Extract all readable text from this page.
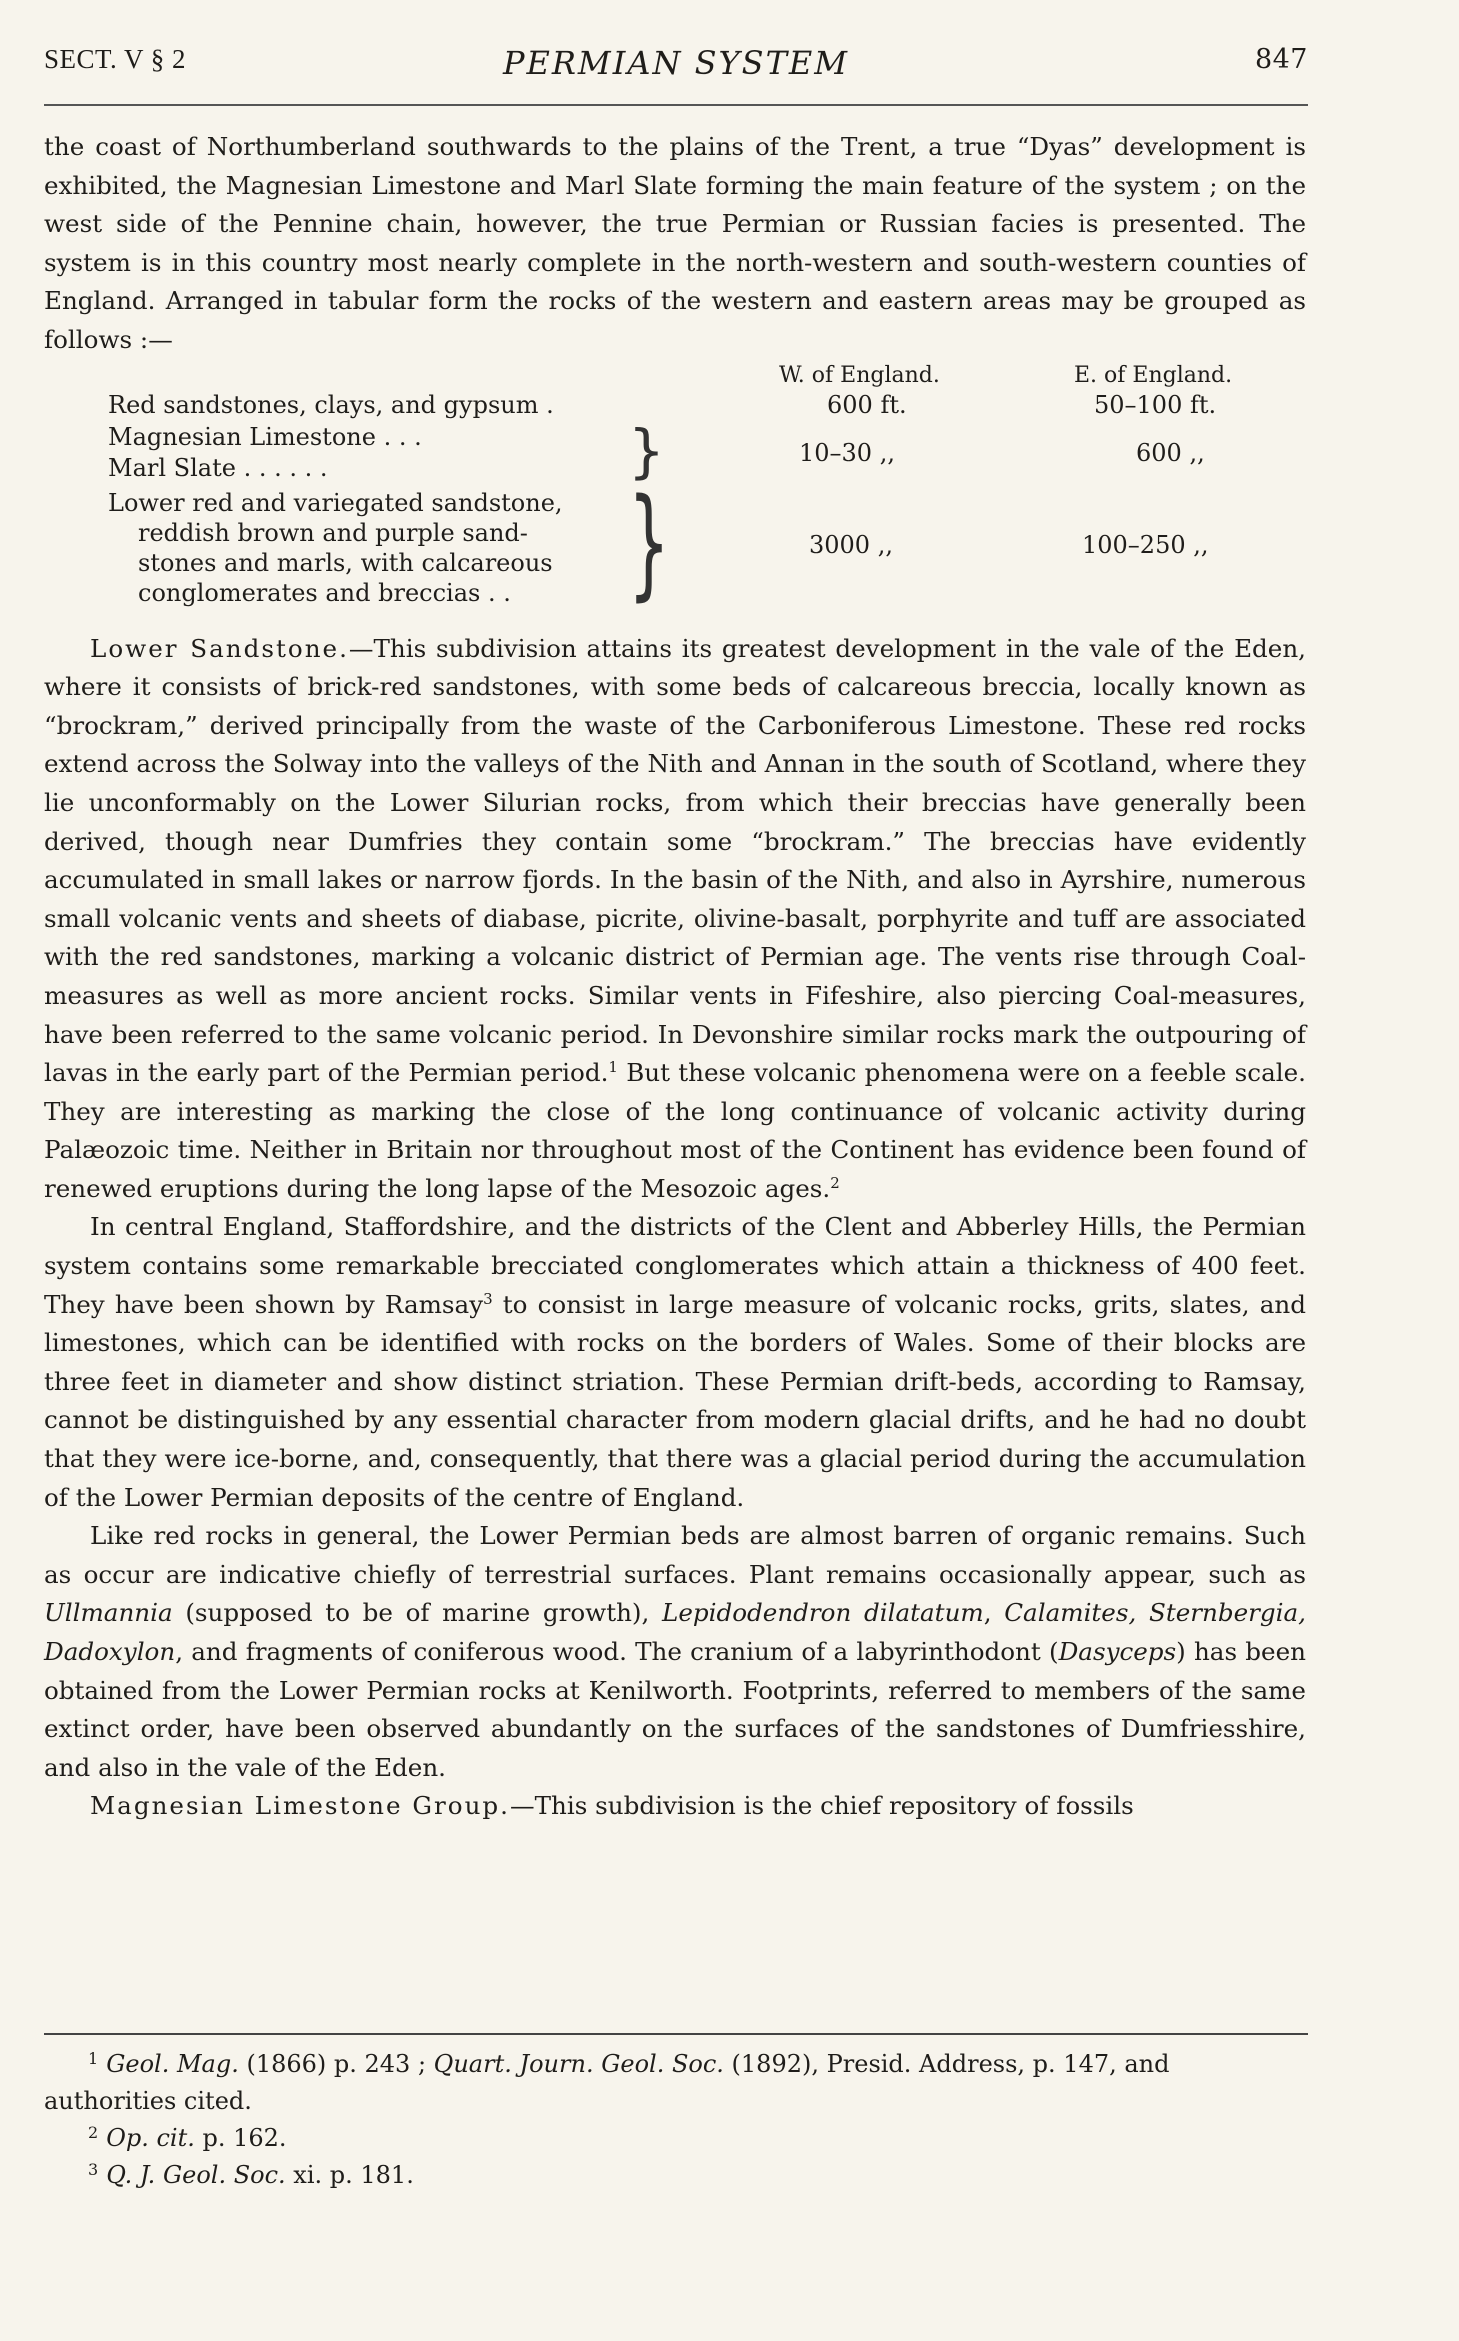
SECT. V § 2	PERMIAN SYSTEM	847

the coast of Northumberland southwards to the plains of the Trent, a true “Dyas” development is exhibited, the Magnesian Limestone and Marl Slate forming the main feature of the system ; on the west side of the Pennine chain, however, the true Permian or Russian facies is presented. The system is in this country most nearly complete in the north-western and south-western counties of England. Arranged in tabular form the rocks of the western and eastern areas may be grouped as follows :—

W. of England.	E. of England.
Red sandstones, clays, and gypsum .	600 ft.	50–100 ft.
Magnesian Limestone . . .
Marl Slate . . . . . .	}	10–30 ,,	600 ,,
Lower red and variegated sandstone,
reddish brown and purple sand-
stones and marls, with calcareous
conglomerates and breccias . . }	3000 ,,	100–250 ,,

Lower Sandstone.—This subdivision attains its greatest development in the vale of the Eden, where it consists of brick-red sandstones, with some beds of calcareous breccia, locally known as “brockram,” derived principally from the waste of the Carboniferous Limestone. These red rocks extend across the Solway into the valleys of the Nith and Annan in the south of Scotland, where they lie unconformably on the Lower Silurian rocks, from which their breccias have generally been derived, though near Dumfries they contain some “brockram.” The breccias have evidently accumulated in small lakes or narrow fjords. In the basin of the Nith, and also in Ayrshire, numerous small volcanic vents and sheets of diabase, picrite, olivine-basalt, porphyrite and tuff are associated with the red sandstones, marking a volcanic district of Permian age. The vents rise through Coal-measures as well as more ancient rocks. Similar vents in Fifeshire, also piercing Coal-measures, have been referred to the same volcanic period. In Devonshire similar rocks mark the outpouring of lavas in the early part of the Permian period.$^1$ But these volcanic phenomena were on a feeble scale. They are interesting as marking the close of the long continuance of volcanic activity during Palæozoic time. Neither in Britain nor throughout most of the Continent has evidence been found of renewed eruptions during the long lapse of the Mesozoic ages.$^2$

In central England, Staffordshire, and the districts of the Clent and Abberley Hills, the Permian system contains some remarkable brecciated conglomerates which attain a thickness of 400 feet. They have been shown by Ramsay$^3$ to consist in large measure of volcanic rocks, grits, slates, and limestones, which can be identified with rocks on the borders of Wales. Some of their blocks are three feet in diameter and show distinct striation. These Permian drift-beds, according to Ramsay, cannot be distinguished by any essential character from modern glacial drifts, and he had no doubt that they were ice-borne, and, consequently, that there was a glacial period during the accumulation of the Lower Permian deposits of the centre of England.

Like red rocks in general, the Lower Permian beds are almost barren of organic remains. Such as occur are indicative chiefly of terrestrial surfaces. Plant remains occasionally appear, such as Ullmannia (supposed to be of marine growth), Lepidodendron dilatatum, Calamites, Sternbergia, Dadoxylon, and fragments of coniferous wood. The cranium of a labyrinthodont (Dasyceps) has been obtained from the Lower Permian rocks at Kenilworth. Footprints, referred to members of the same extinct order, have been observed abundantly on the surfaces of the sandstones of Dumfriesshire, and also in the vale of the Eden.

Magnesian Limestone Group.—This subdivision is the chief repository of fossils

$^1$ Geol. Mag. (1866) p. 243 ; Quart. Journ. Geol. Soc. (1892), Presid. Address, p. 147, and authorities cited.

$^2$ Op. cit. p. 162.

$^3$ Q. J. Geol. Soc. xi. p. 181.
